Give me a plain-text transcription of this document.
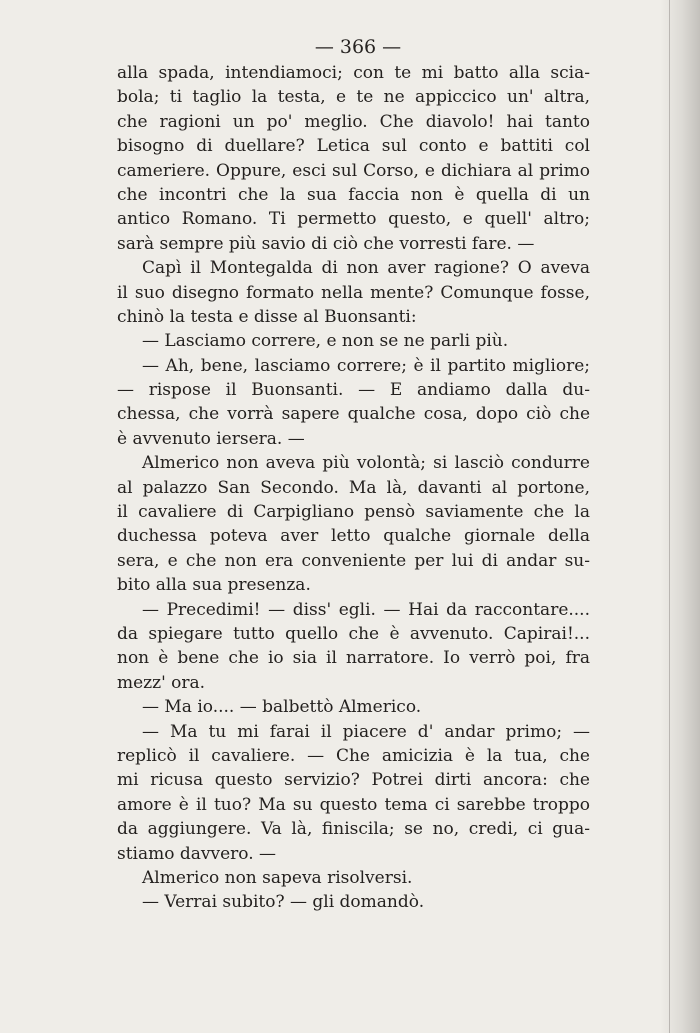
— 366 —
alla spada, intendiamoci; con te mi batto alla scia-
bola; ti taglio la testa, e te ne appiccico un' altra,
che ragioni un po' meglio. Che diavolo! hai tanto
bisogno di duellare? Letica sul conto e battiti col
cameriere. Oppure, esci sul Corso, e dichiara al primo
che incontri che la sua faccia non è quella di un
antico Romano. Ti permetto questo, e quell' altro;
sarà sempre più savio di ciò che vorresti fare. —
Capì il Montegalda di non aver ragione? O aveva
il suo disegno formato nella mente? Comunque fosse,
chinò la testa e disse al Buonsanti:
— Lasciamo correre, e non se ne parli più.
— Ah, bene, lasciamo correre; è il partito migliore;
— rispose il Buonsanti. — E andiamo dalla du-
chessa, che vorrà sapere qualche cosa, dopo ciò che
è avvenuto iersera. —
Almerico non aveva più volontà; si lasciò condurre
al palazzo San Secondo. Ma là, davanti al portone,
il cavaliere di Carpigliano pensò saviamente che la
duchessa poteva aver letto qualche giornale della
sera, e che non era conveniente per lui di andar su-
bito alla sua presenza.
— Precedimi! — diss' egli. — Hai da raccontare....
da spiegare tutto quello che è avvenuto. Capirai!...
non è bene che io sia il narratore. Io verrò poi, fra
mezz' ora.
— Ma io.... — balbettò Almerico.
— Ma tu mi farai il piacere d' andar primo; —
replicò il cavaliere. — Che amicizia è la tua, che
mi ricusa questo servizio? Potrei dirti ancora: che
amore è il tuo? Ma su questo tema ci sarebbe troppo
da aggiungere. Va là, finiscila; se no, credi, ci gua-
stiamo davvero. —
Almerico non sapeva risolversi.
— Verrai subito? — gli domandò.
